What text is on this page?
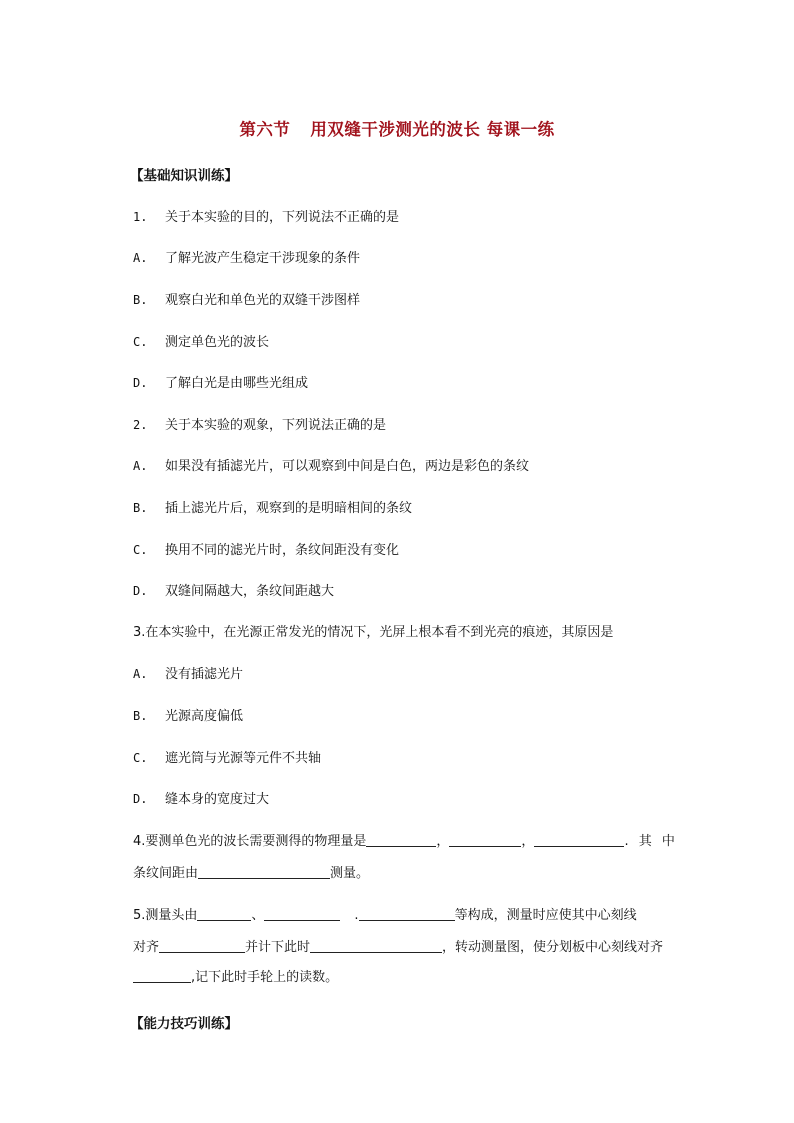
第六节 用双缝干涉测光的波长 每课一练
【基础知识训练】
1. 关于本实验的目的，下列说法不正确的是
A. 了解光波产生稳定干涉现象的条件
B. 观察白光和单色光的双缝干涉图样
C. 测定单色光的波长
D. 了解白光是由哪些光组成
2. 关于本实验的观象，下列说法正确的是
A. 如果没有插滤光片，可以观察到中间是白色，两边是彩色的条纹
B. 插上滤光片后，观察到的是明暗相间的条纹
C. 换用不同的滤光片时，条纹间距没有变化
D. 双缝间隔越大，条纹间距越大
3.在本实验中，在光源正常发光的情况下，光屏上根本看不到光亮的痕迹，其原因是
A. 没有插滤光片
B. 光源高度偏低
C. 遮光筒与光源等元件不共轴
D. 缝本身的宽度过大
4.要测单色光的波长需要测得的物理量是	，	，	. 其 中
条纹间距由	测量。
5.测量头由	、	.	等构成，测量时应使其中心刻线
对齐	并计下此时	，转动测量图，使分划板中心刻线对齐
,记下此时手轮上的读数。
【能力技巧训练】
